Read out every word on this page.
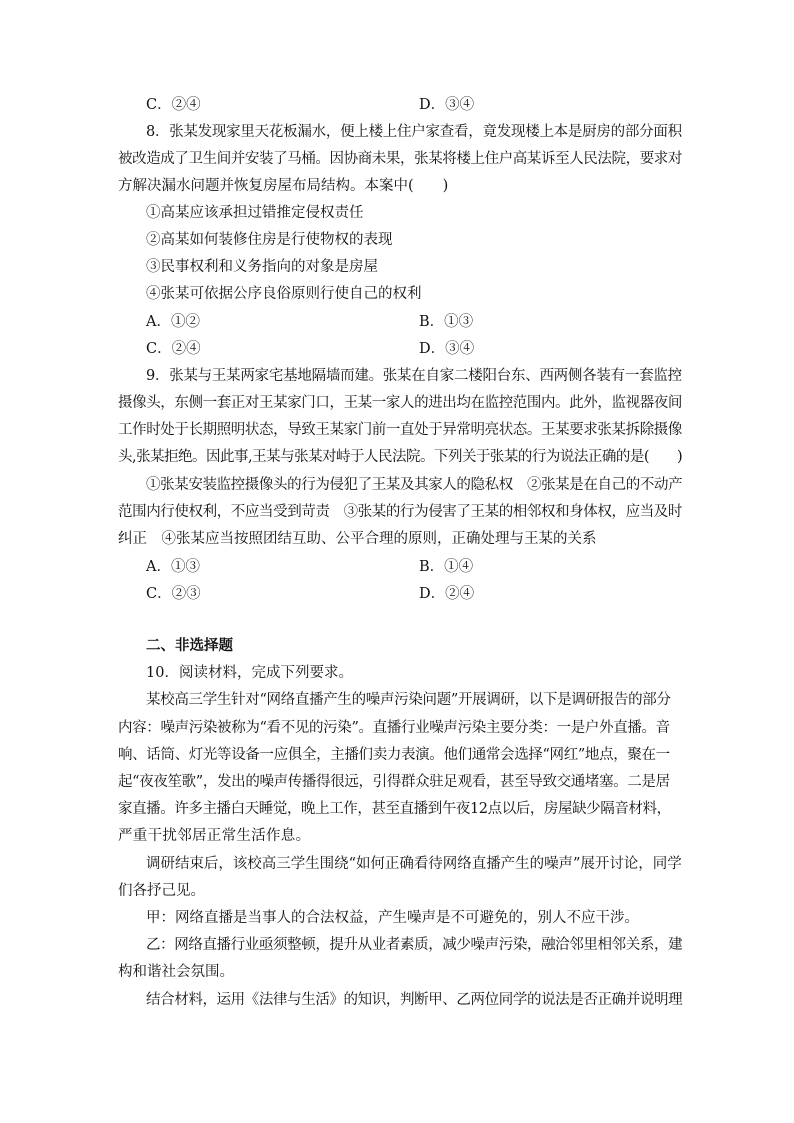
C．②④	D．③④
8．张某发现家里天花板漏水，便上楼上住户家查看，竟发现楼上本是厨房的部分面积
被改造成了卫生间并安装了马桶。因协商未果，张某将楼上住户高某诉至人民法院，要求对
方解决漏水问题并恢复房屋布局结构。本案中(　　)
①高某应该承担过错推定侵权责任
②高某如何装修住房是行使物权的表现
③民事权利和义务指向的对象是房屋
④张某可依据公序良俗原则行使自己的权利
A．①②	B．①③
C．②④	D．③④
9．张某与王某两家宅基地隔墙而建。张某在自家二楼阳台东、西两侧各装有一套监控
摄像头，东侧一套正对王某家门口，王某一家人的进出均在监控范围内。此外，监视器夜间
工作时处于长期照明状态，导致王某家门前一直处于异常明亮状态。王某要求张某拆除摄像
头,张某拒绝。因此事,王某与张某对峙于人民法院。下列关于张某的行为说法正确的是(　　)
①张某安装监控摄像头的行为侵犯了王某及其家人的隐私权　②张某是在自己的不动产
范围内行使权利，不应当受到苛责　③张某的行为侵害了王某的相邻权和身体权，应当及时
纠正　④张某应当按照团结互助、公平合理的原则，正确处理与王某的关系
A．①③	B．①④
C．②③	D．②④
二、非选择题
10．阅读材料，完成下列要求。
某校高三学生针对“网络直播产生的噪声污染问题”开展调研，以下是调研报告的部分
内容：噪声污染被称为“看不见的污染”。直播行业噪声污染主要分类：一是户外直播。音
响、话筒、灯光等设备一应俱全，主播们卖力表演。他们通常会选择“网红”地点，聚在一
起“夜夜笙歌”，发出的噪声传播得很远，引得群众驻足观看，甚至导致交通堵塞。二是居
家直播。许多主播白天睡觉，晚上工作，甚至直播到午夜12点以后，房屋缺少隔音材料，
严重干扰邻居正常生活作息。
调研结束后，该校高三学生围绕“如何正确看待网络直播产生的噪声”展开讨论，同学
们各抒己见。
甲：网络直播是当事人的合法权益，产生噪声是不可避免的，别人不应干涉。
乙：网络直播行业亟须整顿，提升从业者素质，减少噪声污染，融洽邻里相邻关系，建
构和谐社会氛围。
结合材料，运用《法律与生活》的知识，判断甲、乙两位同学的说法是否正确并说明理
